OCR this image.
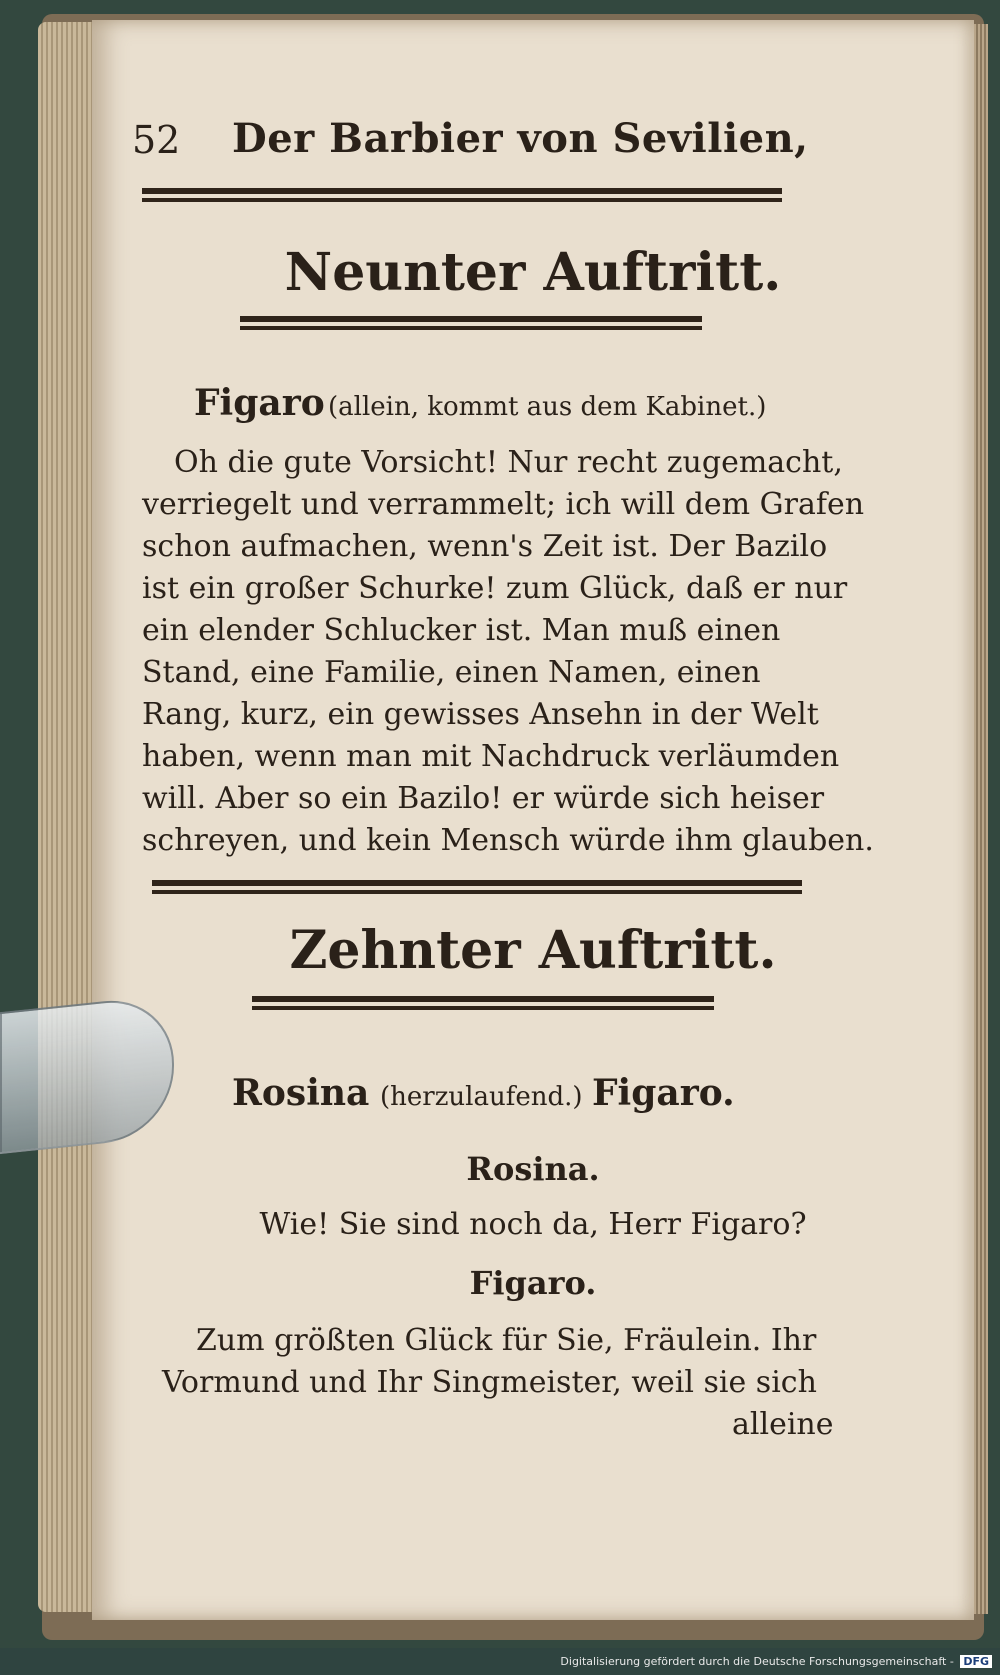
52 Der Barbier von Sevilien,
Neunter Auftritt.
Figaro (allein, kommt aus dem Kabinet.)
Oh die gute Vorsicht! Nur recht zugemacht,
verriegelt und verrammelt; ich will dem Grafen
schon aufmachen, wenn's Zeit ist. Der Bazilo
ist ein großer Schurke! zum Glück, daß er nur
ein elender Schlucker ist. Man muß einen
Stand, eine Familie, einen Namen, einen
Rang, kurz, ein gewisses Ansehn in der Welt
haben, wenn man mit Nachdruck verläumden
will. Aber so ein Bazilo! er würde sich heiser
schreyen, und kein Mensch würde ihm glauben.
Zehnter Auftritt.
Rosina (herzulaufend.) Figaro.
Rosina.
Wie! Sie sind noch da, Herr Figaro?
Figaro.
Zum größten Glück für Sie, Fräulein. Ihr
Vormund und Ihr Singmeister, weil sie sich
alleine
Digitalisierung gefördert durch die Deutsche Forschungsgemeinschaft - DFG
